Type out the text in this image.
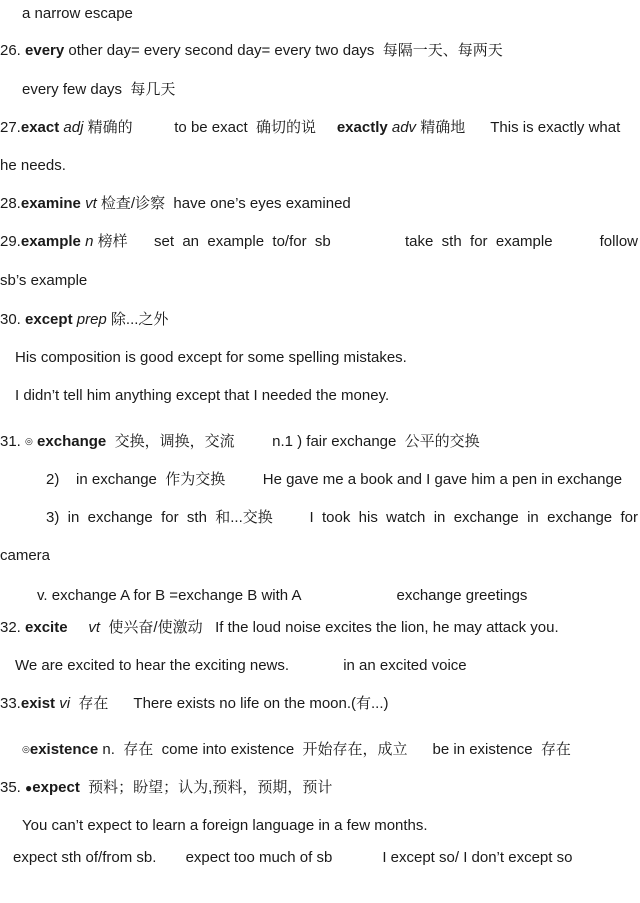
a narrow escape
26. every other day= every second day= every two days  每隔一天、每两天
every few days  每几天
27.exact adj 精确的          to be exact  确切的说     exactly adv 精确地      This is exactly what
he needs.
28.examine vt 检查/诊察  have one’s eyes examined
29.example n 榜样 set  an  example  to/for  sb	take  sth  for  example	follow
sb’s example
30. except prep 除...之外
His composition is good except for some spelling mistakes.
I didn’t tell him anything except that I needed the money.
31. ◎ exchange  交换，调换，交流         n.1 ) fair exchange  公平的交换
2)    in exchange  作为交换         He gave me a book and I gave him a pen in exchange
3)  in  exchange  for  sth  和...交换 I  took  his  watch  in  exchange  in  exchange  for
camera
v. exchange A for B =exchange B with A                       exchange greetings
32. excite     vt  使兴奋/使激动   If the loud noise excites the lion, he may attack you.
We are excited to hear the exciting news.             in an excited voice
33.exist vi  存在      There exists no life on the moon.(有...)
◎existence n.  存在  come into existence  开始存在，成立      be in existence  存在
35. ●expect  预料；盼望；认为,预料，预期，预计
You can’t expect to learn a foreign language in a few months.
expect sth of/from sb.       expect too much of sb            I except so/ I don’t except so
